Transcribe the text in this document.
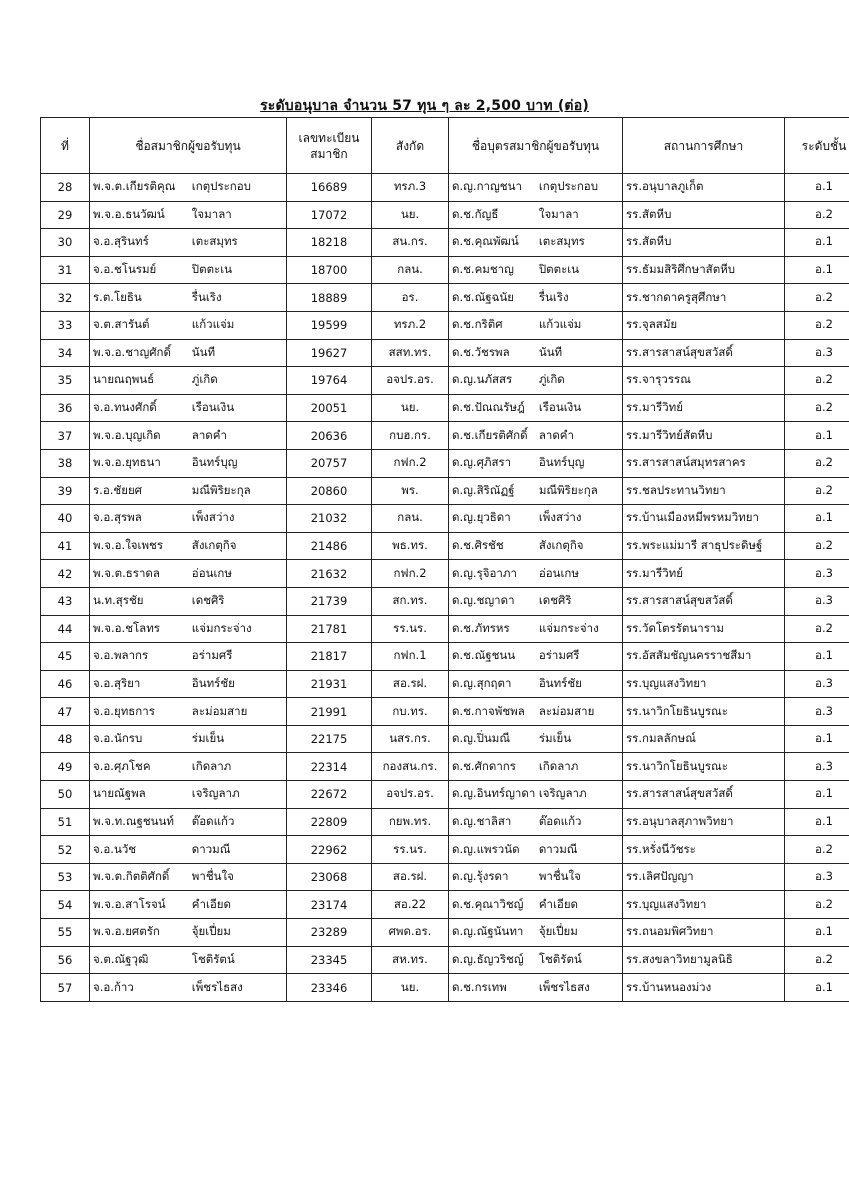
ระดับอนุบาล จำนวน 57 ทุน ๆ ละ 2,500 บาท (ต่อ)
ที่	ชื่อสมาชิกผู้ขอรับทุน	เลขทะเบียนสมาชิก	สังกัด	ชื่อบุตรสมาชิกผู้ขอรับทุน	สถานการศึกษา	ระดับชั้น
28	พ.จ.ต.เกียรติคุณ เกตุประกอบ	16689	ทรภ.3	ด.ญ.กาญชนา เกตุประกอบ	รร.อนุบาลภูเก็ต	อ.1
29	พ.จ.อ.ธนวัฒน์ ใจมาลา	17072	นย.	ด.ช.กัญธี ใจมาลา	รร.สัตหีบ	อ.2
30	จ.อ.สุรินทร์ เตะสมุทร	18218	สน.กร.	ด.ช.คุณพัฒน์ เตะสมุทร	รร.สัตหีบ	อ.1
31	จ.อ.ชโนรมย์ ปิตตะเน	18700	กลน.	ด.ช.คมชาญ ปิตตะเน	รร.ธัมมสิริศึกษาสัตหีบ	อ.1
32	ร.ต.โยธิน รื่นเริง	18889	อร.	ด.ช.ณัฐฉนัย รื่นเริง	รร.ชากดาครูสุศึกษา	อ.2
33	จ.ต.สารันต์ แก้วแจ่ม	19599	ทรภ.2	ด.ช.กริติศ แก้วแจ่ม	รร.จุลสมัย	อ.2
34	พ.จ.อ.ชาญศักดิ์ นันที	19627	สสท.ทร.	ด.ช.วัชรพล นันที	รร.สารสาสน์สุขสวัสดิ์	อ.3
35	นายณฤพนธ์ ภู่เกิด	19764	อจปร.อร.	ด.ญ.นภัสสร ภู่เกิด	รร.จารุวรรณ	อ.2
36	จ.อ.ทนงศักดิ์ เรือนเงิน	20051	นย.	ด.ช.ปัณณรัษฎ์ เรือนเงิน	รร.มารีวิทย์	อ.2
37	พ.จ.อ.บุญเกิด ลาดคำ	20636	กบฮ.กร.	ด.ช.เกียรติศักดิ์ ลาดคำ	รร.มารีวิทย์สัตหีบ	อ.1
38	พ.จ.อ.ยุทธนา อินทร์บุญ	20757	กฟก.2	ด.ญ.ศุภิสรา อินทร์บุญ	รร.สารสาสน์สมุทรสาคร	อ.2
39	ร.อ.ชัยยศ มณีพิริยะกุล	20860	พร.	ด.ญ.สิริณัฏฐ์ มณีพิริยะกุล	รร.ชลประทานวิทยา	อ.2
40	จ.อ.สุรพล เพ็งสว่าง	21032	กลน.	ด.ญ.ยุวธิดา เพ็งสว่าง	รร.บ้านเมืองหมีพรหมวิทยา	อ.1
41	พ.จ.อ.ใจเพชร สังเกตุกิจ	21486	พธ.ทร.	ด.ช.ศิรชัช สังเกตุกิจ	รร.พระแม่มารี สาธุประดิษฐ์	อ.2
42	พ.จ.ต.ธราดล อ่อนเกษ	21632	กฟก.2	ด.ญ.รุจิอาภา อ่อนเกษ	รร.มารีวิทย์	อ.3
43	น.ท.สุรชัย เดชศิริ	21739	สก.ทร.	ด.ญ.ชญาดา เดชศิริ	รร.สารสาสน์สุขสวัสดิ์	อ.3
44	พ.จ.อ.ชโลทร แจ่มกระจ่าง	21781	รร.นร.	ด.ช.ภัทรหร แจ่มกระจ่าง	รร.วัดโตรรัตนาราม	อ.2
45	จ.อ.พลากร อร่ามศรี	21817	กฟก.1	ด.ช.ณัฐชนน อร่ามศรี	รร.อัสสัมชัญนครราชสีมา	อ.1
46	จ.อ.สุริยา อินทร์ชัย	21931	สอ.รฝ.	ด.ญ.สุกฤตา อินทร์ชัย	รร.บุญแสงวิทยา	อ.3
47	จ.อ.ยุทธการ ละม่อมสาย	21991	กบ.ทร.	ด.ช.กาจพัชพล ละม่อมสาย	รร.นาวิกโยธินบูรณะ	อ.3
48	จ.อ.นักรบ ร่มเย็น	22175	นสร.กร.	ด.ญ.ปิ่นมณี ร่มเย็น	รร.กมลลักษณ์	อ.1
49	จ.อ.ศุภโชค เกิดลาภ	22314	กองสน.กร.	ด.ช.ศักดากร เกิดลาภ	รร.นาวิกโยธินบูรณะ	อ.3
50	นายณัฐพล เจริญลาภ	22672	อจปร.อร.	ด.ญ.อินทร์ญาดา เจริญลาภ	รร.สารสาสน์สุขสวัสดิ์	อ.1
51	พ.จ.ท.ณฐชนนท์ ต๊อดแก้ว	22809	กยพ.ทร.	ด.ญ.ชาลิสา ต๊อดแก้ว	รร.อนุบาลสุภาพวิทยา	อ.1
52	จ.อ.นวัช ดาวมณี	22962	รร.นร.	ด.ญ.แพรวนัด ดาวมณี	รร.หรั่งนีวัชระ	อ.2
53	พ.จ.ต.กิตติศักดิ์ พาชื่นใจ	23068	สอ.รฝ.	ด.ญ.รุ้งรดา พาชื่นใจ	รร.เลิศปัญญา	อ.3
54	พ.จ.อ.สาโรจน์ คำเอียด	23174	สอ.22	ด.ช.คุณาวิชญ์ คำเอียด	รร.บุญแสงวิทยา	อ.2
55	พ.จ.อ.ยศตรัก จุ้ยเปี่ยม	23289	ศพด.อร.	ด.ญ.ณัฐนันทา จุ้ยเปี่ยม	รร.ถนอมพิศวิทยา	อ.1
56	จ.ต.ณัฐวุฒิ โชติรัตน์	23345	สห.ทร.	ด.ญ.ธัญวริชญ์ โชติรัตน์	รร.สงขลาวิทยามูลนิธิ	อ.2
57	จ.อ.ก้าว เพ็ชรไธสง	23346	นย.	ด.ช.กรเทพ เพ็ชรไธสง	รร.บ้านหนองม่วง	อ.1
